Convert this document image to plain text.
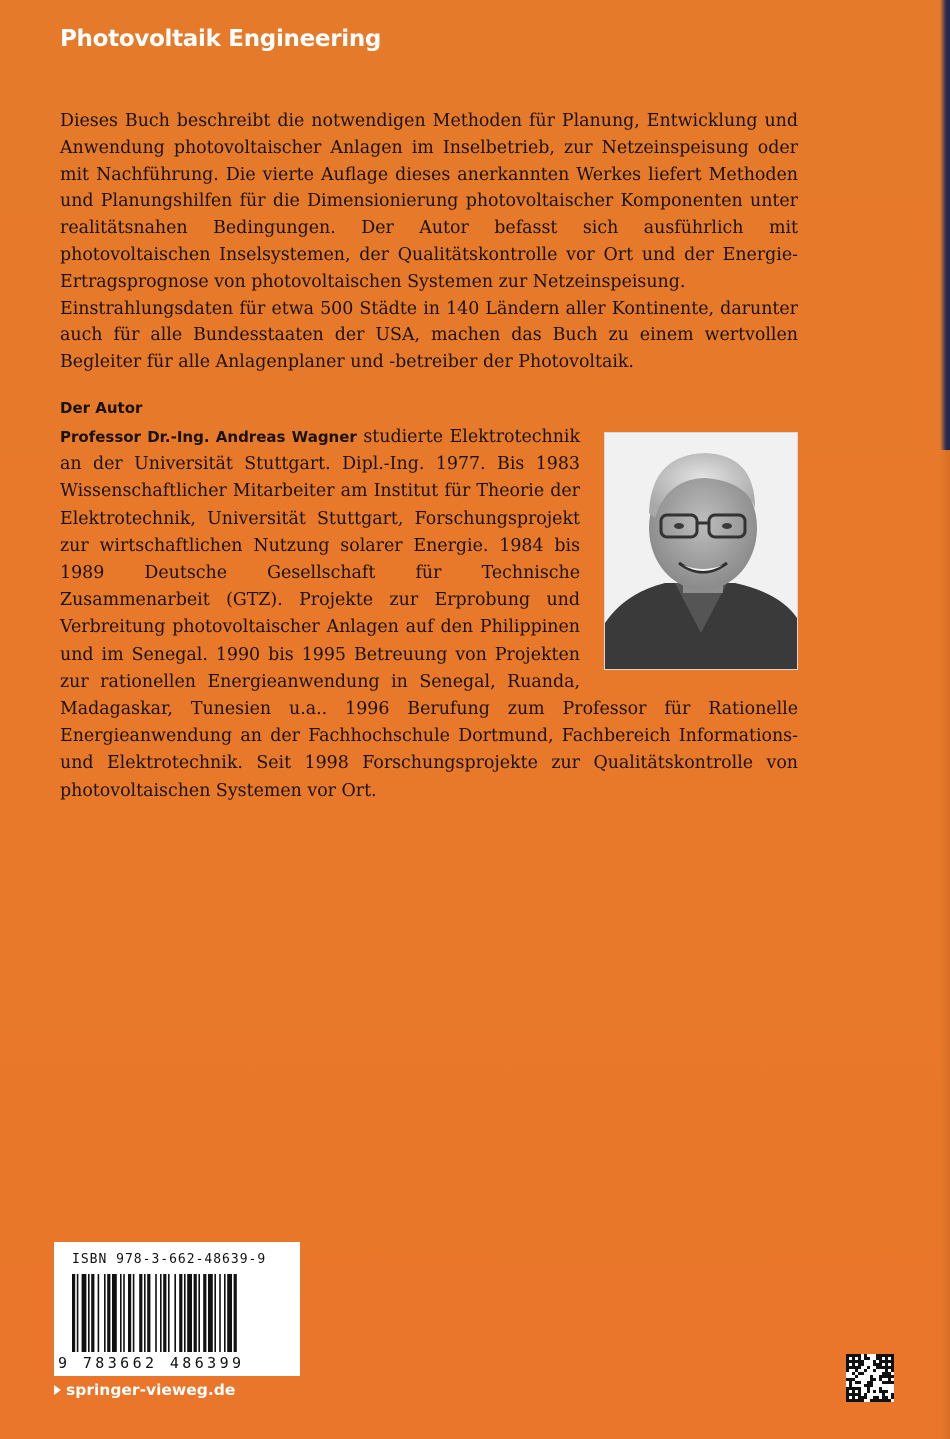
Photovoltaik Engineering

Dieses Buch beschreibt die notwendigen Methoden für Planung, Entwicklung und Anwendung photovoltaischer Anlagen im Inselbetrieb, zur Netzeinspeisung oder mit Nachführung. Die vierte Auflage dieses anerkannten Werkes liefert Methoden und Planungshilfen für die Dimensionierung photovoltaischer Komponenten unter realitätsnahen Bedingungen. Der Autor befasst sich ausführlich mit photovoltaischen Inselsystemen, der Qualitätskontrolle vor Ort und der Energie-Ertragsprognose von photovoltaischen Systemen zur Netzeinspeisung.

Einstrahlungsdaten für etwa 500 Städte in 140 Ländern aller Kontinente, darunter auch für alle Bundesstaaten der USA, machen das Buch zu einem wertvollen Begleiter für alle Anlagenplaner und -betreiber der Photovoltaik.

Der Autor
Professor Dr.-Ing. Andreas Wagner studierte Elektrotechnik an der Universität Stuttgart. Dipl.-Ing. 1977. Bis 1983 Wissenschaftlicher Mitarbeiter am Institut für Theorie der Elektrotechnik, Universität Stuttgart, Forschungsprojekt zur wirtschaftlichen Nutzung solarer Energie. 1984 bis 1989 Deutsche Gesellschaft für Technische Zusammenarbeit (GTZ). Projekte zur Erprobung und Verbreitung photovoltaischer Anlagen auf den Philippinen und im Senegal. 1990 bis 1995 Betreuung von Projekten zur rationellen Energieanwendung in Senegal, Ruanda, Madagaskar, Tunesien u.a.. 1996 Berufung zum Professor für Rationelle Energieanwendung an der Fachhochschule Dortmund, Fachbereich Informations- und Elektrotechnik. Seit 1998 Forschungsprojekte zur Qualitätskontrolle von photovoltaischen Systemen vor Ort.
ISBN 978-3-662-48639-9
9 783662 486399
springer-vieweg.de
